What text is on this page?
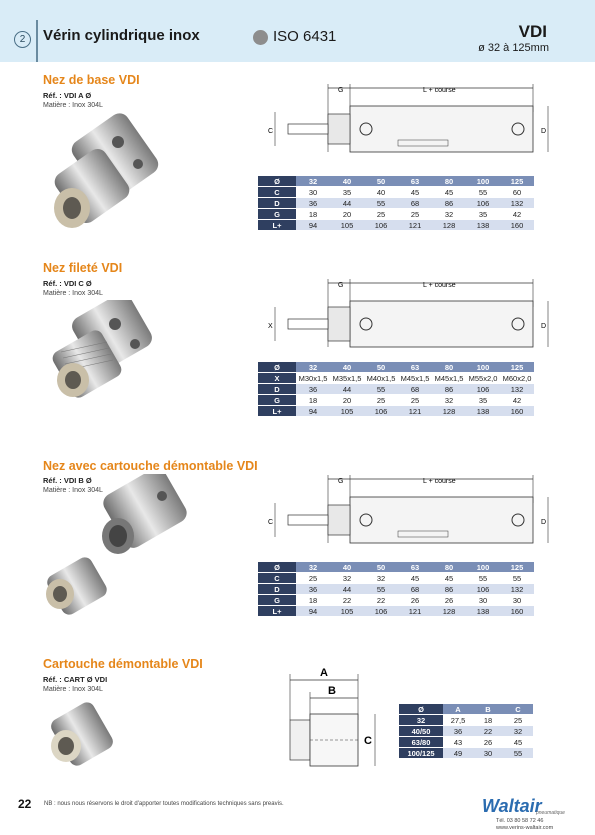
2	Vérin cylindrique inox	ISO 6431	VDI
ø 32 à 125mm
Nez de base VDI
Réf. : VDI A Ø
Matière : Inox 304L
G	L + course
C	D
Ø	32	40	50	63	80	100	125
C	30	35	40	45	45	55	60
D	36	44	55	68	86	106	132
G	18	20	25	25	32	35	42
L+	94	105	106	121	128	138	160
Nez fileté VDI
Réf. : VDI C Ø
Matière : Inox 304L
G	L + course
X	D
Ø	32	40	50	63	80	100	125
X	M30x1,5	M35x1,5	M40x1,5	M45x1,5	M45x1,5	M55x2,0	M60x2,0
D	36	44	55	68	86	106	132
G	18	20	25	25	32	35	42
L+	94	105	106	121	128	138	160
Nez avec cartouche démontable VDI
Réf. : VDI B Ø
Matière : Inox 304L
G	L + course
C	D
Ø	32	40	50	63	80	100	125
C	25	32	32	45	45	55	55
D	36	44	55	68	86	106	132
G	18	22	22	26	26	30	30
L+	94	105	106	121	128	138	160
Cartouche démontable VDI
Réf. : CART Ø VDI
Matière : Inox 304L
A
B
C
Ø	A	B	C
32	27,5	18	25
40/50	36	22	32
63/80	43	26	45
100/125	49	30	55
22 NB : nous nous réservons le droit d'apporter toutes modifications techniques sans preavis.	Waltair
pneumatique
Tél. 03 80 58 72 46
www.verins-waltair.com
